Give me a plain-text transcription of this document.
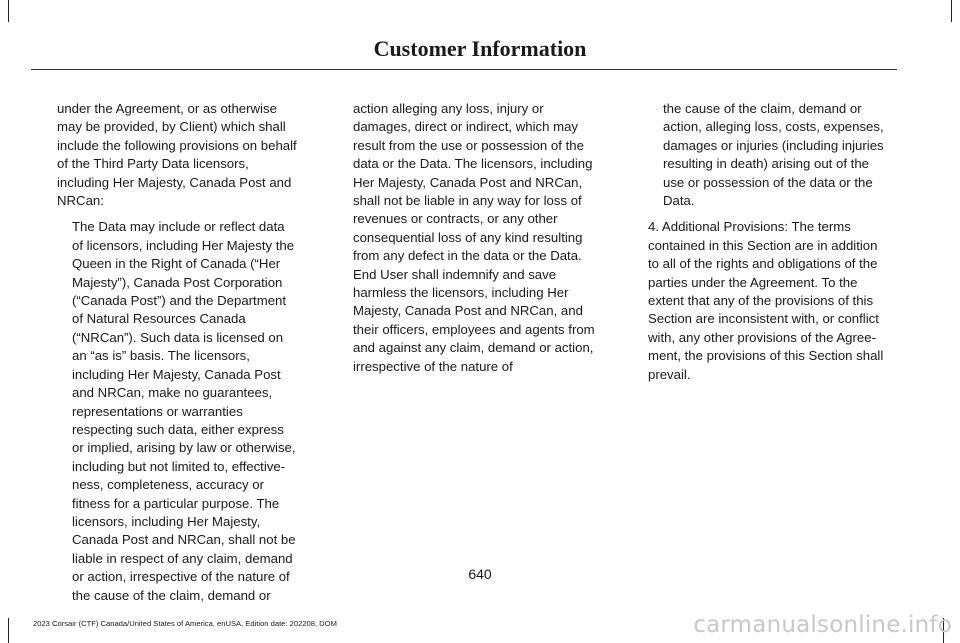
Customer Information

under the Agreement, or as otherwise may be provided, by Client) which shall include the following provisions on behalf of the Third Party Data licensors, including Her Majesty, Canada Post and NRCan:

The Data may include or reflect data of licensors, including Her Majesty the Queen in the Right of Canada (“Her Majesty”), Canada Post Corporation (“Canada Post”) and the Department of Natural Resources Canada (“NRCan”). Such data is licensed on an “as is” basis. The licensors, including Her Majesty, Canada Post and NRCan, make no guarantees, representations or warranties respecting such data, either express or implied, arising by law or otherwise, including but not limited to, effective-ness, completeness, accuracy or fitness for a particular purpose. The licensors, including Her Majesty, Canada Post and NRCan, shall not be liable in respect of any claim, demand or action, irrespective of the nature of the cause of the claim, demand or

action alleging any loss, injury or damages, direct or indirect, which may result from the use or possession of the data or the Data. The licensors, including Her Majesty, Canada Post and NRCan, shall not be liable in any way for loss of revenues or contracts, or any other consequential loss of any kind resulting from any defect in the data or the Data.

End User shall indemnify and save harmless the licensors, including Her Majesty, Canada Post and NRCan, and their officers, employees and agents from and against any claim, demand or action, irrespective of the nature of

the cause of the claim, demand or action, alleging loss, costs, expenses, damages or injuries (including injuries resulting in death) arising out of the use or possession of the data or the Data.

4. Additional Provisions: The terms contained in this Section are in addition to all of the rights and obligations of the parties under the Agreement. To the extent that any of the provisions of this Section are inconsistent with, or conflict with, any other provisions of the Agree-ment, the provisions of this Section shall prevail.

640
2023 Corsair (CTF) Canada/United States of America, enUSA, Edition date: 202208, DOM	carmanualsonline.info
